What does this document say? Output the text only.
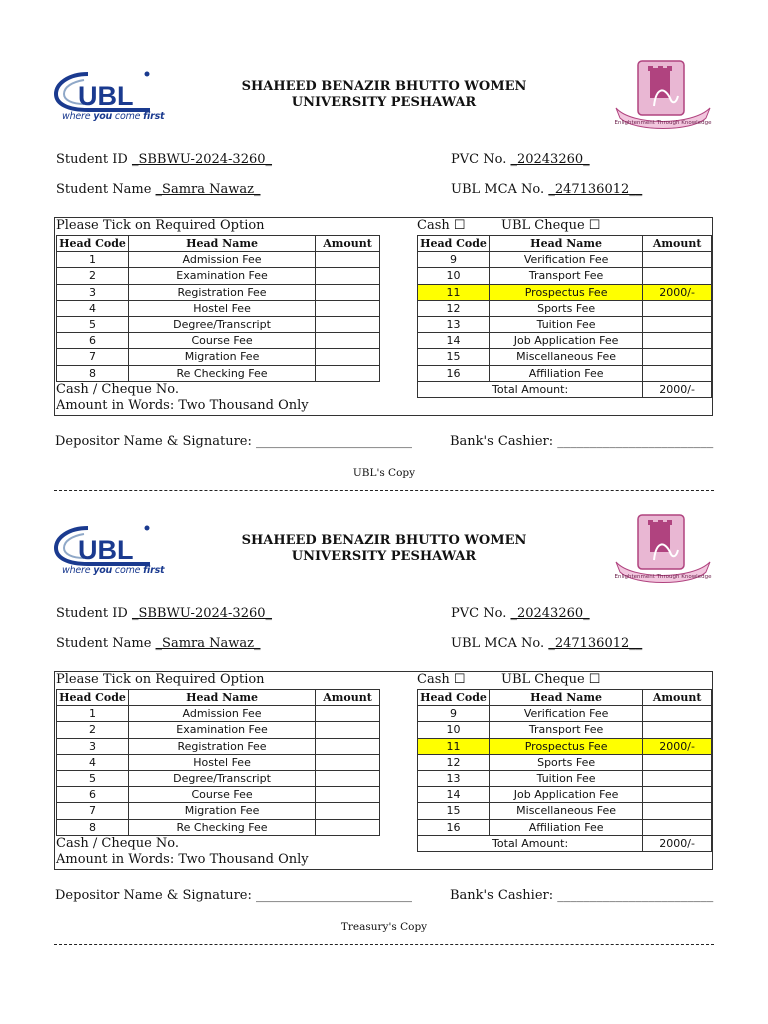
UBL
where you come first
SHAHEED BENAZIR BHUTTO WOMEN
UNIVERSITY PESHAWAR
Enlightenment Through Knowledge
Student ID _SBBWU-2024-3260_	PVC No. _20243260_
Student Name _Samra Nawaz_	UBL MCA No. _247136012__
Please Tick on Required Option	Cash ☐	UBL Cheque ☐
Head Code	Head Name	Amount
1	Admission Fee	
2	Examination Fee	
3	Registration Fee	
4	Hostel Fee	
5	Degree/Transcript	
6	Course Fee	
7	Migration Fee	
8	Re Checking Fee	
Head Code	Head Name	Amount
9	Verification Fee	
10	Transport Fee	
11	Prospectus Fee	2000/-
12	Sports Fee	
13	Tuition Fee	
14	Job Application Fee	
15	Miscellaneous Fee	
16	Affiliation Fee	
Total Amount:		2000/-
Cash / Cheque No.
Amount in Words: Two Thousand Only
Depositor Name & Signature: ________________________	Bank's Cashier: ________________________
UBL's Copy
UBL
where you come first
SHAHEED BENAZIR BHUTTO WOMEN
UNIVERSITY PESHAWAR
Enlightenment Through Knowledge
Student ID _SBBWU-2024-3260_	PVC No. _20243260_
Student Name _Samra Nawaz_	UBL MCA No. _247136012__
Please Tick on Required Option	Cash ☐	UBL Cheque ☐
Head Code	Head Name	Amount
1	Admission Fee	
2	Examination Fee	
3	Registration Fee	
4	Hostel Fee	
5	Degree/Transcript	
6	Course Fee	
7	Migration Fee	
8	Re Checking Fee	
Head Code	Head Name	Amount
9	Verification Fee	
10	Transport Fee	
11	Prospectus Fee	2000/-
12	Sports Fee	
13	Tuition Fee	
14	Job Application Fee	
15	Miscellaneous Fee	
16	Affiliation Fee	
Total Amount:		2000/-
Cash / Cheque No.
Amount in Words: Two Thousand Only
Depositor Name & Signature: ________________________	Bank's Cashier: ________________________
Treasury's Copy
